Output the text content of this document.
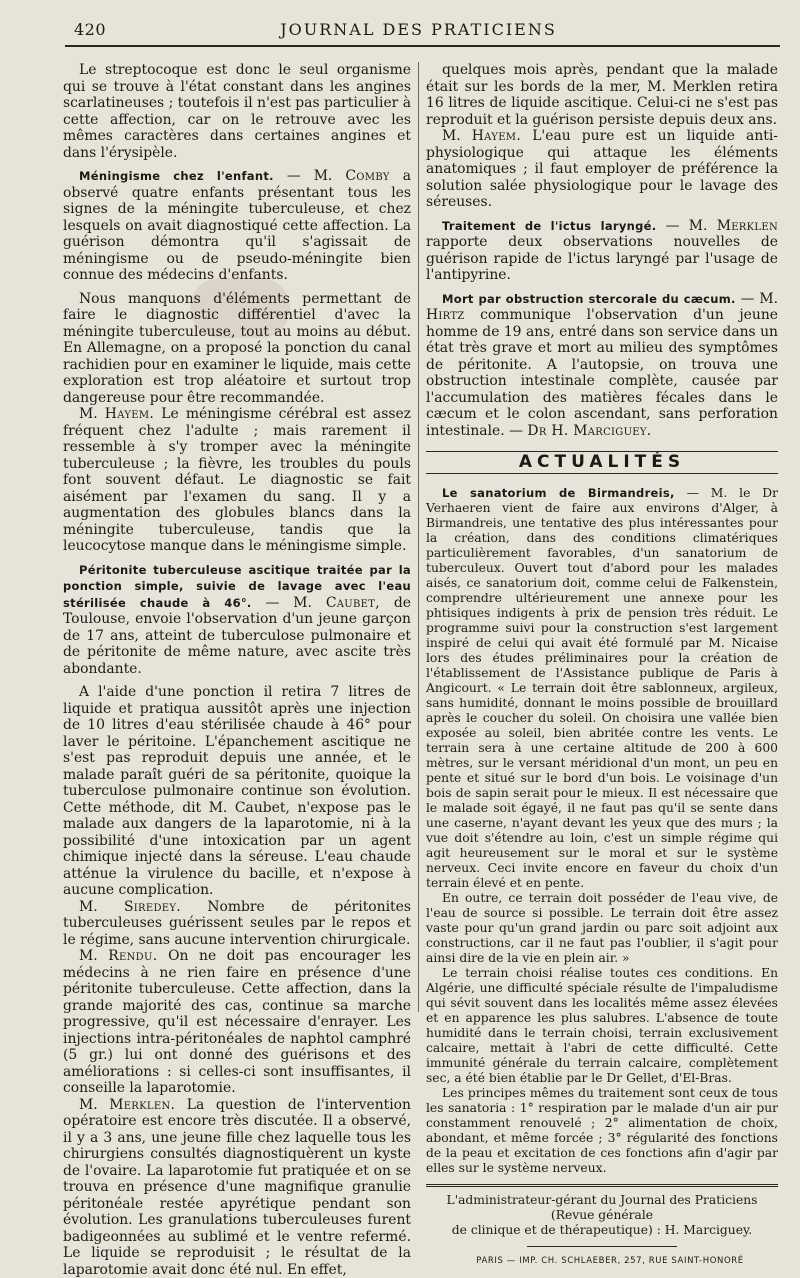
420	JOURNAL DES PRATICIENS

Le streptocoque est donc le seul organisme qui se trouve à l'état constant dans les angines scarlatineuses ; toutefois il n'est pas particulier à cette affection, car on le retrouve avec les mêmes caractères dans certaines angines et dans l'érysipèle.

Méningisme chez l'enfant. — M. Comby a observé quatre enfants présentant tous les signes de la méningite tuberculeuse, et chez lesquels on avait diagnostiqué cette affection. La guérison démontra qu'il s'agissait de méningisme ou de pseudo-méningite bien connue des médecins d'enfants.

Nous manquons d'éléments permettant de faire le diagnostic différentiel d'avec la méningite tuberculeuse, tout au moins au début. En Allemagne, on a proposé la ponction du canal rachidien pour en examiner le liquide, mais cette exploration est trop aléatoire et surtout trop dangereuse pour être recommandée.

M. Hayem. Le méningisme cérébral est assez fréquent chez l'adulte ; mais rarement il ressemble à s'y tromper avec la méningite tuberculeuse ; la fièvre, les troubles du pouls font souvent défaut. Le diagnostic se fait aisément par l'examen du sang. Il y a augmentation des globules blancs dans la méningite tuberculeuse, tandis que la leucocytose manque dans le méningisme simple.

Péritonite tuberculeuse ascitique traitée par la ponction simple, suivie de lavage avec l'eau stérilisée chaude à 46°. — M. Caubet, de Toulouse, envoie l'observation d'un jeune garçon de 17 ans, atteint de tuberculose pulmonaire et de péritonite de même nature, avec ascite très abondante.

A l'aide d'une ponction il retira 7 litres de liquide et pratiqua aussitôt après une injection de 10 litres d'eau stérilisée chaude à 46° pour laver le péritoine. L'épanchement ascitique ne s'est pas reproduit depuis une année, et le malade paraît guéri de sa péritonite, quoique la tuberculose pulmonaire continue son évolution. Cette méthode, dit M. Caubet, n'expose pas le malade aux dangers de la laparotomie, ni à la possibilité d'une intoxication par un agent chimique injecté dans la séreuse. L'eau chaude atténue la virulence du bacille, et n'expose à aucune complication.

M. Siredey. Nombre de péritonites tuberculeuses guérissent seules par le repos et le régime, sans aucune intervention chirurgicale.

M. Rendu. On ne doit pas encourager les médecins à ne rien faire en présence d'une péritonite tuberculeuse. Cette affection, dans la grande majorité des cas, continue sa marche progressive, qu'il est nécessaire d'enrayer. Les injections intra-péritonéales de naphtol camphré (5 gr.) lui ont donné des guérisons et des améliorations : si celles-ci sont insuffisantes, il conseille la laparotomie.

M. Merklen. La question de l'intervention opératoire est encore très discutée. Il a observé, il y a 3 ans, une jeune fille chez laquelle tous les chirurgiens consultés diagnostiquèrent un kyste de l'ovaire. La laparotomie fut pratiquée et on se trouva en présence d'une magnifique granulie péritonéale restée apyrétique pendant son évolution. Les granulations tuberculeuses furent badigeonnées au sublimé et le ventre refermé. Le liquide se reproduisit ; le résultat de la laparotomie avait donc été nul. En effet,

quelques mois après, pendant que la malade était sur les bords de la mer, M. Merklen retira 16 litres de liquide ascitique. Celui-ci ne s'est pas reproduit et la guérison persiste depuis deux ans.

M. Hayem. L'eau pure est un liquide anti-physiologique qui attaque les éléments anatomiques ; il faut employer de préférence la solution salée physiologique pour le lavage des séreuses.

Traitement de l'ictus laryngé. — M. Merklen rapporte deux observations nouvelles de guérison rapide de l'ictus laryngé par l'usage de l'antipyrine.

Mort par obstruction stercorale du cæcum. — M. Hirtz communique l'observation d'un jeune homme de 19 ans, entré dans son service dans un état très grave et mort au milieu des symptômes de péritonite. A l'autopsie, on trouva une obstruction intestinale complète, causée par l'accumulation des matières fécales dans le cæcum et le colon ascendant, sans perforation intestinale. — Dr H. Marciguey.

ACTUALITÉS

Le sanatorium de Birmandreis, — M. le Dr Verhaeren vient de faire aux environs d'Alger, à Birmandreis, une tentative des plus intéressantes pour la création, dans des conditions climatériques particulièrement favorables, d'un sanatorium de tuberculeux. Ouvert tout d'abord pour les malades aisés, ce sanatorium doit, comme celui de Falkenstein, comprendre ultérieurement une annexe pour les phtisiques indigents à prix de pension très réduit. Le programme suivi pour la construction s'est largement inspiré de celui qui avait été formulé par M. Nicaise lors des études préliminaires pour la création de l'établissement de l'Assistance publique de Paris à Angicourt. « Le terrain doit être sablonneux, argileux, sans humidité, donnant le moins possible de brouillard après le coucher du soleil. On choisira une vallée bien exposée au soleil, bien abritée contre les vents. Le terrain sera à une certaine altitude de 200 à 600 mètres, sur le versant méridional d'un mont, un peu en pente et situé sur le bord d'un bois. Le voisinage d'un bois de sapin serait pour le mieux. Il est nécessaire que le malade soit égayé, il ne faut pas qu'il se sente dans une caserne, n'ayant devant les yeux que des murs ; la vue doit s'étendre au loin, c'est un simple régime qui agit heureusement sur le moral et sur le système nerveux. Ceci invite encore en faveur du choix d'un terrain élevé et en pente.

En outre, ce terrain doit posséder de l'eau vive, de l'eau de source si possible. Le terrain doit être assez vaste pour qu'un grand jardin ou parc soit adjoint aux constructions, car il ne faut pas l'oublier, il s'agit pour ainsi dire de la vie en plein air. »

Le terrain choisi réalise toutes ces conditions. En Algérie, une difficulté spéciale résulte de l'impaludisme qui sévit souvent dans les localités même assez élevées et en apparence les plus salubres. L'absence de toute humidité dans le terrain choisi, terrain exclusivement calcaire, mettait à l'abri de cette difficulté. Cette immunité générale du terrain calcaire, complètement sec, a été bien établie par le Dr Gellet, d'El-Bras.

Les principes mêmes du traitement sont ceux de tous les sanatoria : 1° respiration par le malade d'un air pur constamment renouvelé ; 2° alimentation de choix, abondant, et même forcée ; 3° régularité des fonctions de la peau et excitation de ces fonctions afin d'agir par elles sur le système nerveux.

L'administrateur-gérant du Journal des Praticiens (Revue générale

de clinique et de thérapeutique) : H. Marciguey.

PARIS — IMP. CH. SCHLAEBER, 257, RUE SAINT-HONORÉ
